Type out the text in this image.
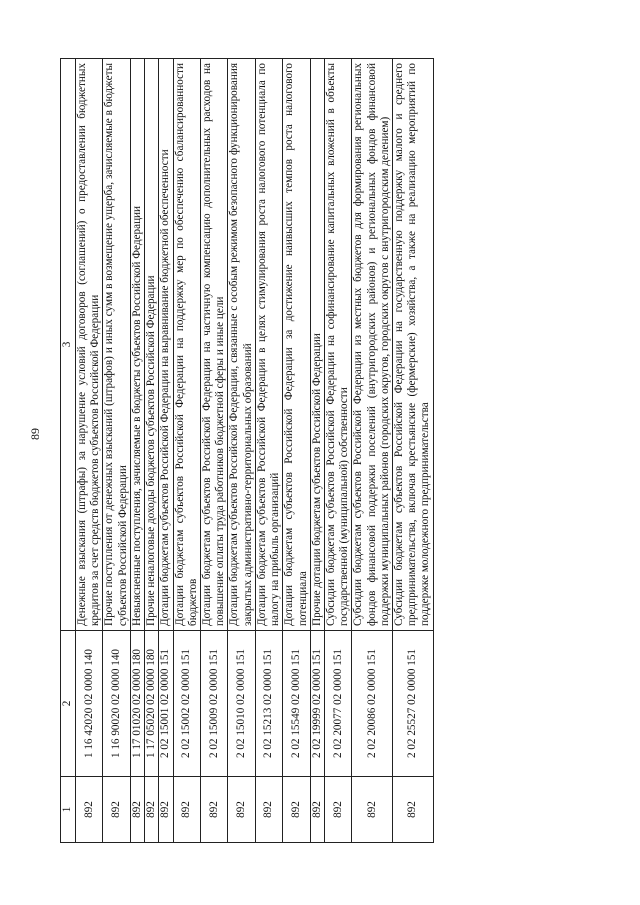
89
1	2	3
892	1 16 42020 02 0000 140	Денежные взыскания (штрафы) за нарушение условий договоров (соглашений) о предоставлении бюджетных кредитов за счет средств бюджетов субъектов Российской Федерации
892	1 16 90020 02 0000 140	Прочие поступления от денежных взысканий (штрафов) и иных сумм в возмещение ущерба, зачисляемые в бюджеты субъектов Российской Федерации
892	1 17 01020 02 0000 180	Невыясненные поступления, зачисляемые в бюджеты субъектов Российской Федерации
892	1 17 05020 02 0000 180	Прочие неналоговые доходы бюджетов субъектов Российской Федерации
892	2 02 15001 02 0000 151	Дотации бюджетам субъектов Российской Федерации на выравнивание бюджетной обеспеченности
892	2 02 15002 02 0000 151	Дотации бюджетам субъектов Российской Федерации на поддержку мер по обеспечению сбалансированности бюджетов
892	2 02 15009 02 0000 151	Дотации бюджетам субъектов Российской Федерации на частичную компенсацию дополнительных расходов на повышение оплаты труда работников бюджетной сферы и иные цели
892	2 02 15010 02 0000 151	Дотации бюджетам субъектов Российской Федерации, связанные с особым режимом безопасного функционирования закрытых административно-территориальных образований
892	2 02 15213 02 0000 151	Дотации бюджетам субъектов Российской Федерации в целях стимулирования роста налогового потенциала по налогу на прибыль организаций
892	2 02 15549 02 0000 151	Дотации бюджетам субъектов Российской Федерации за достижение наивысших темпов роста налогового потенциала
892	2 02 19999 02 0000 151	Прочие дотации бюджетам субъектов Российской Федерации
892	2 02 20077 02 0000 151	Субсидии бюджетам субъектов Российской Федерации на софинансирование капитальных вложений в объекты государственной (муниципальной) собственности
892	2 02 20086 02 0000 151	Субсидии бюджетам субъектов Российской Федерации из местных бюджетов для формирования региональных фондов финансовой поддержки поселений (внутригородских районов) и региональных фондов финансовой поддержки муниципальных районов (городских округов, городских округов с внутригородским делением)
892	2 02 25527 02 0000 151	Субсидии бюджетам субъектов Российской Федерации на государственную поддержку малого и среднего предпринимательства, включая крестьянские (фермерские) хозяйства, а также на реализацию мероприятий по поддержке молодежного предпринимательства
